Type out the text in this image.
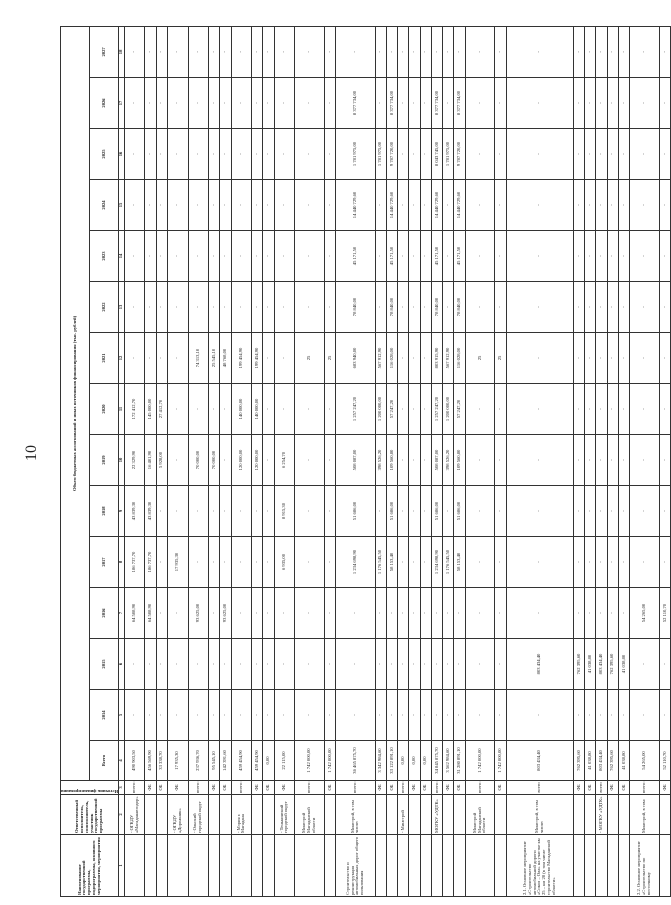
10
Наименование государственной программы, подпрограммы, основного мероприятия, мероприятия	Ответственный исполнитель, соисполнитель, участник государственной программы	Источник финансирования	Объем бюджетных ассигнований и иных источников финансирования (тыс. рублей)														
			Всего	2014	2015	2016	2017	2018	2019	2020	2021	2022	2023	2024	2025	2026	2027
1	2	3	4	5	6	7	8	9	10	11	12	13	14	15	16	17	18
	- ОГКДУ «Магаданавтодор»	всего:	490 903,50	-	-	64 508,90	186 737,70	43 839,30	22 329,90	172 412,70	-	-	-	-	-	-	-
		ФБ	456 569,90	-	-	64 508,90	186 737,70	43 839,30	16 401,90	145 000,00	-	-	-	-	-	-	-
		ОБ	33 338,70	-	-	-	-	-	5 928,00	27 412,70	-	-	-	-	-	-	-
	- ОГКДУ «Дорожник»	ФБ	17 935,30	-	-	-	17 935,30	-	-	-	-	-	-	-	-	-	-
	- Ольский городской округ	всего:	237 936,70	-	-	93 625,00	-	-	70 000,00	-	74 313,10	-	-	-	-	-	-
		ФБ	95 545,10	-	-	-	-	-	70 000,00	-	25 545,10	-	-	-	-	-	-
		ОБ	142 391,60	-	-	93 625,00	-	-	-	-	48 768,00	-	-	-	-	-	-
	- Мэрия г. Магадана	всего:	459 454,90	-	-	-	-	-	120 000,00	140 000,00	199 454,90	-	-	-	-	-	-
		ФБ	459 454,90	-	-	-	-	-	120 000,00	140 000,00	199 454,90	-	-	-	-	-	-
		ОБ	0,00	-	-	-	-	-	-	-	-	-	-	-	-	-	-
	- Тенькинский городской округ	ФБ	22 115,00	-	-	-	6 935,00	8 915,30	6 254,70	-	-	-	-	-	-	-	-
	Минстрой Магаданской области	всего:	1 742 000,00	-	-	-	-	-	-	-	25	-	-	-	-	-	-
		ОБ	1 742 000,00	-	-	-	-	-	-	-	25	-	-	-	-	-	-
Строительство и реконструкция автомобильных дорог общего пользования	Минстрой, в том числе:	всего:	36 465 875,70	-	-	-	1 234 698,90	51 686,00	508 087,00	1 257 247,20	683 940,00	78 840,00	45 171,50	14 440 729,60	1 781 975,00	8 377 734,00	-
		ФБ	3 342 984,60	-	-	-	1 176 545,50	-	398 526,20	1 200 000,00	567 912,90	-	-	-	1 781 975,00	-	-
		ОБ	33 122 891,10	-	-	-	58 153,40	51 686,00	109 560,80	57 247,20	116 028,00	78 840,00	45 171,50	14 440 729,60	9 787 720,00	8 377 734,00	-
	- Минстрой	всего:	0,00	-	-	-	-	-	-	-	-	-	-	-	-	-	-
		ФБ	0,00	-	-	-	-	-	-	-	-	-	-	-	-	-	-
		ОБ	0,00	-	-	-	-	-	-	-	-	-	-	-	-	-	-
	МОГКУ «УДТК»	всего:	34 845 875,70	-	-	-	1 234 698,90	51 686,00	508 087,00	1 257 247,20	803 915,90	78 840,00	45 171,50	14 440 729,60	8 043 745,00	8 377 734,00	-
		ФБ	3 562 984,60	-	-	-	1 176 545,50	-	398 526,20	1 200 000,00	567 912,90	-	-	-	1 781 975,00	-	-
		ОБ	31 280 891,10	-	-	-	58 153,40	51 686,00	109 560,80	57 247,20	116 028,00	78 840,00	45 171,50	14 440 729,60	9 787 720,00	8 377 734,00	-
	Минстрой Магаданской области	всего:	1 742 000,00	-	-	-	-	-	-	-	25	-	-	-	-	-	-
		ОБ	1 742 000,00	-	-	-	-	-	-	-	25	-	-	-	-	-	-
2.1. Основное мероприятие «Строительство автомобильной дороги «Сокол – Ола» на участке км 25 – км 28 (в том числе строительство Магаданской области»	Минстрой, в том числе:	всего	803 434,40	-	803 434,40	-	-	-	-	-	-	-	-	-	-	-	-
		ФБ	762 395,60	-	762 395,60	-	-	-	-	-	-	-	-	-	-	-	-
		ОБ	41 038,80	-	41 038,80	-	-	-	-	-	-	-	-	-	-	-	-
	- МОГКУ «УДТК»	всего	803 434,40	-	803 434,40	-	-	-	-	-	-	-	-	-	-	-	-
		ФБ	762 395,60	-	762 395,60	-	-	-	-	-	-	-	-	-	-	-	-
		ОБ	41 038,80	-	41 038,80	-	-	-	-	-	-	-	-	-	-	-	-
2.2. Основное мероприятие «Строительство по восточному	Минстрой, в том:	всего:	54 265,00	-	-	54 265,00	-	-	-	-	-	-	-	-	-	-	-
		ФБ	52 110,70	-	-	52 110,70	-	-	-	-	-	-	-	-	-	-	-
